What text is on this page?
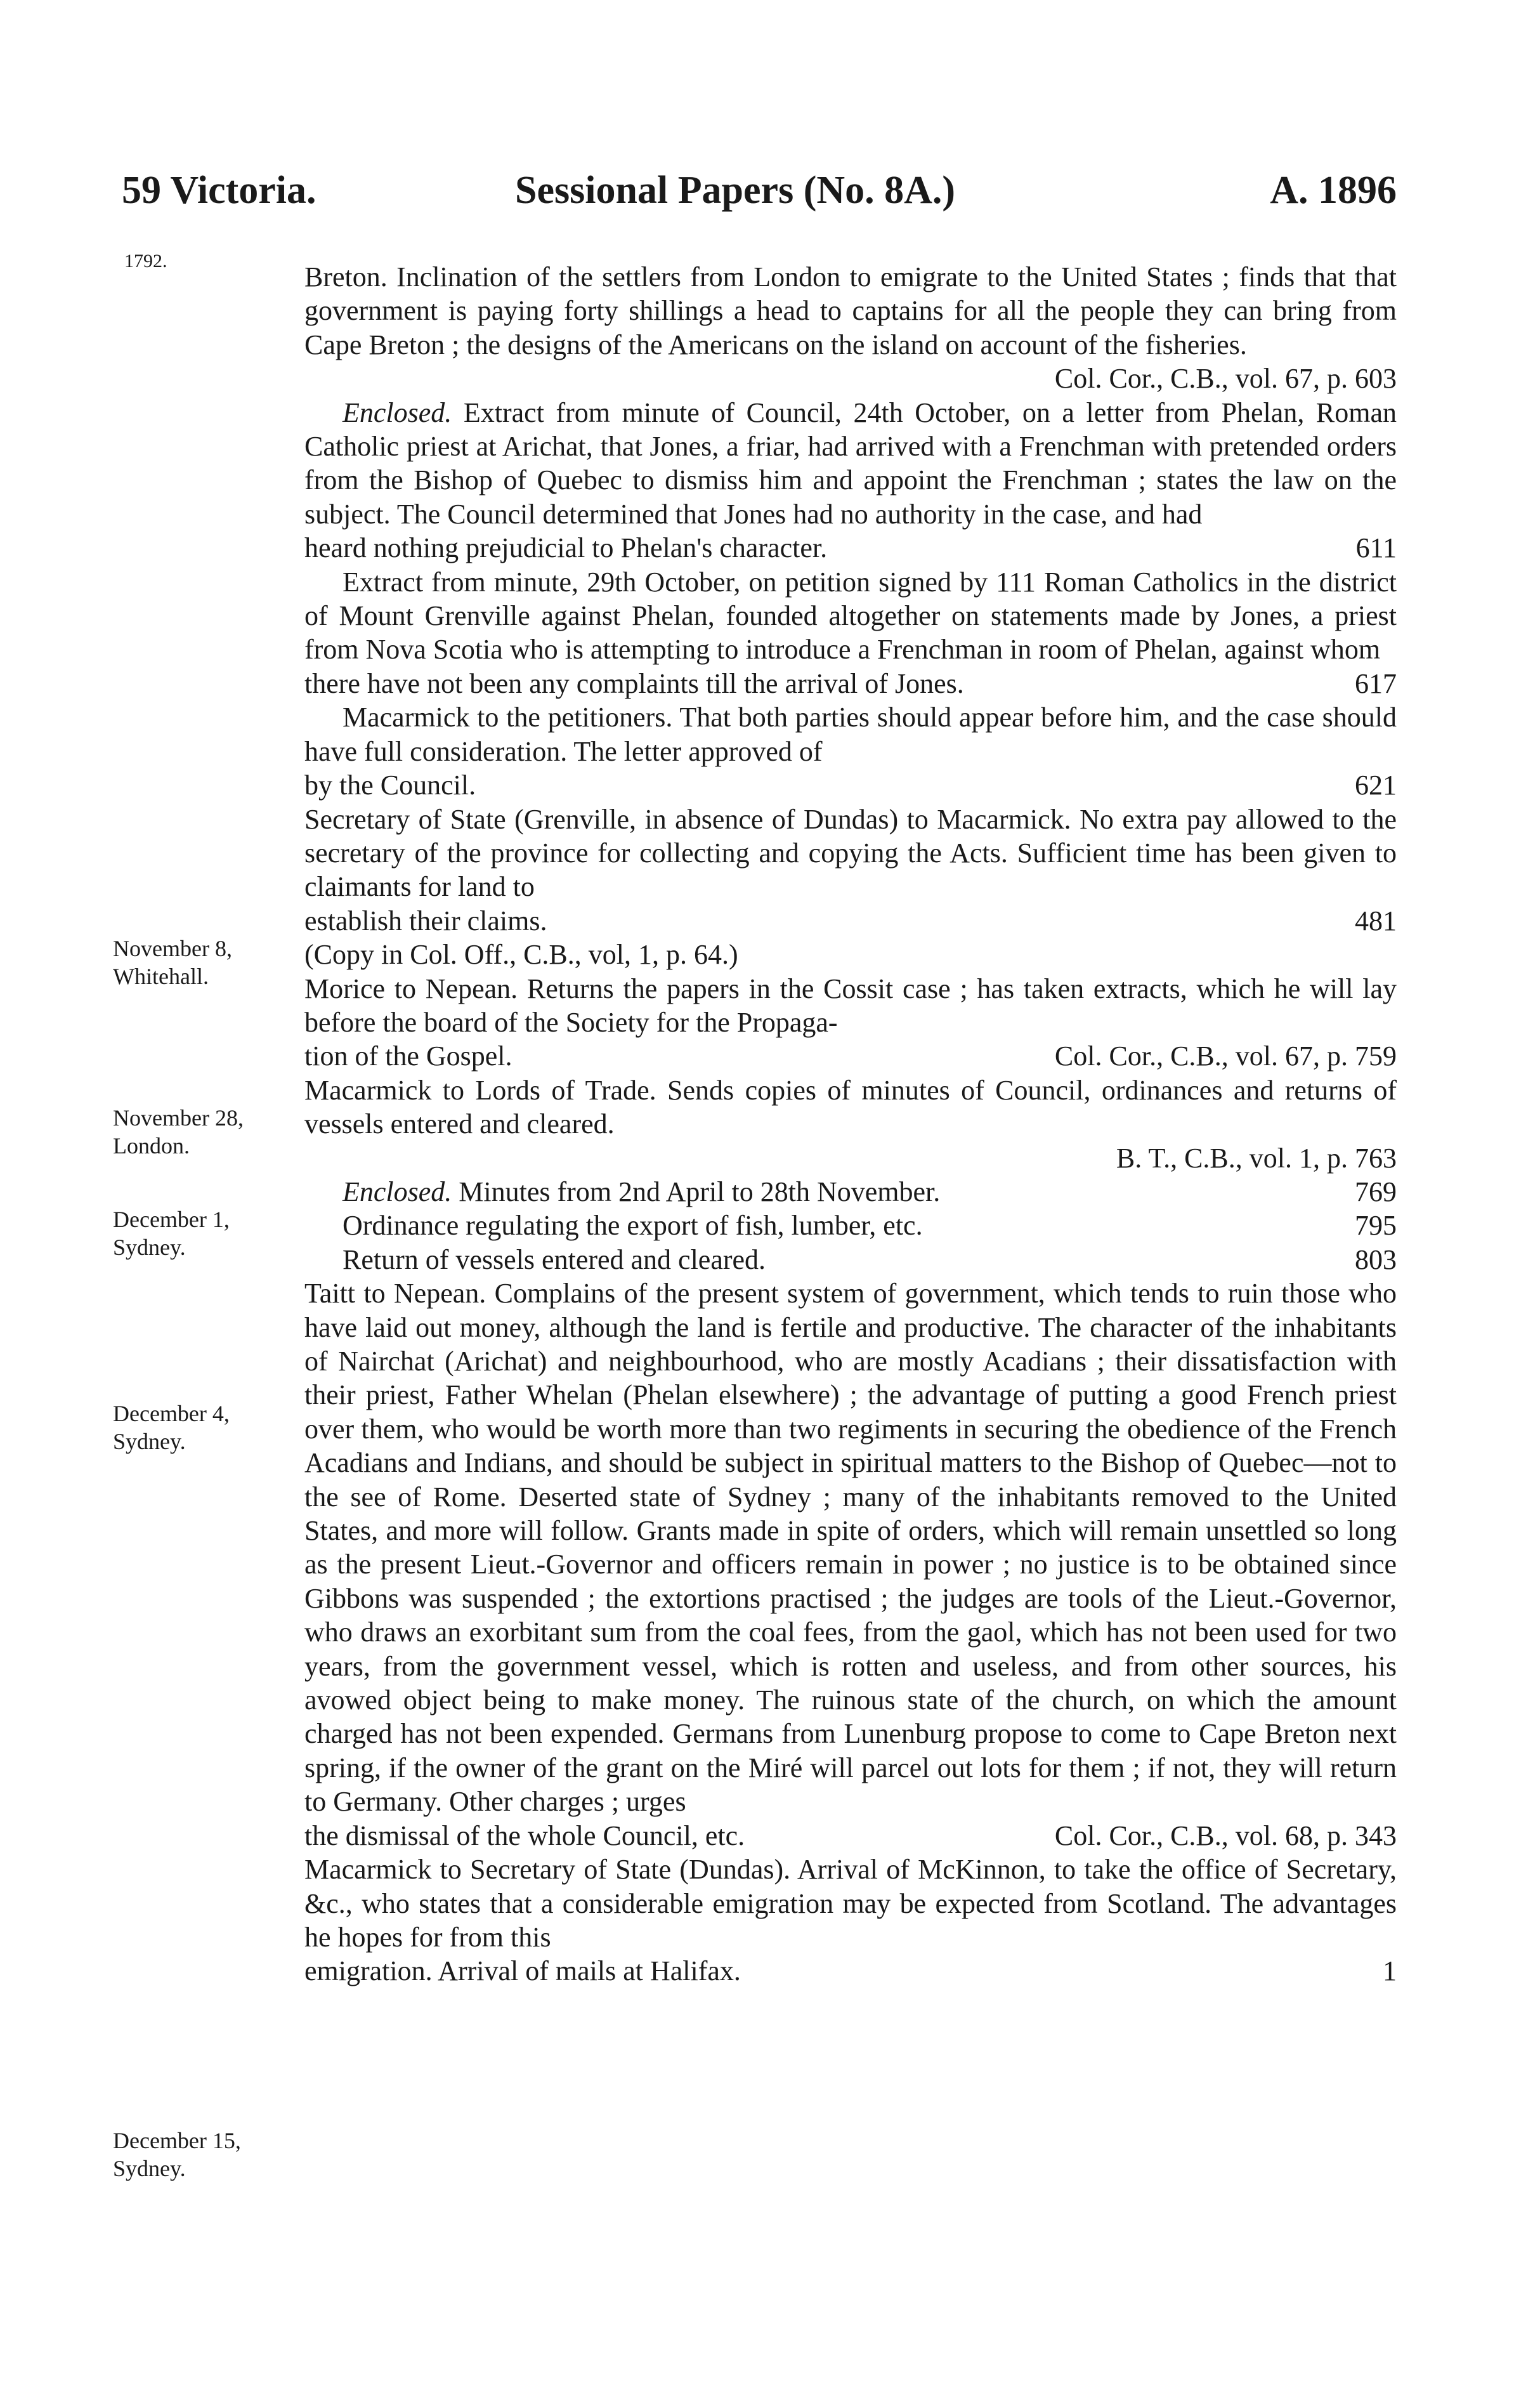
59 Victoria.	Sessional Papers (No. 8A.)	A. 1896
1792.
November 8,
Whitehall.
November 28,
London.
December 1,
Sydney.
December 4,
Sydney.
December 15,
Sydney.

Breton. Inclination of the settlers from London to emigrate to the United States ; finds that that government is paying forty shillings a head to captains for all the people they can bring from Cape Breton ; the designs of the Americans on the island on account of the fisheries.

Col. Cor., C.B., vol. 67, p. 603

Enclosed. Extract from minute of Council, 24th October, on a letter from Phelan, Roman Catholic priest at Arichat, that Jones, a friar, had arrived with a Frenchman with pretended orders from the Bishop of Quebec to dismiss him and appoint the Frenchman ; states the law on the subject. The Council determined that Jones had no authority in the case, and had

heard nothing prejudicial to Phelan's character.	611

Extract from minute, 29th October, on petition signed by 111 Roman Catholics in the district of Mount Grenville against Phelan, founded altogether on statements made by Jones, a priest from Nova Scotia who is attempting to introduce a Frenchman in room of Phelan, against whom

there have not been any complaints till the arrival of Jones.	617

Macarmick to the petitioners. That both parties should appear before him, and the case should have full consideration. The letter approved of

by the Council.	621

Secretary of State (Grenville, in absence of Dundas) to Macarmick. No extra pay allowed to the secretary of the province for collecting and copying the Acts. Sufficient time has been given to claimants for land to

establish their claims.	481

(Copy in Col. Off., C.B., vol, 1, p. 64.)

Morice to Nepean. Returns the papers in the Cossit case ; has taken extracts, which he will lay before the board of the Society for the Propaga-

tion of the Gospel.	Col. Cor., C.B., vol. 67, p. 759

Macarmick to Lords of Trade. Sends copies of minutes of Council, ordinances and returns of vessels entered and cleared.

B. T., C.B., vol. 1, p. 763

Enclosed. Minutes from 2nd April to 28th November.	769
Ordinance regulating the export of fish, lumber, etc.	795
Return of vessels entered and cleared.	803

Taitt to Nepean. Complains of the present system of government, which tends to ruin those who have laid out money, although the land is fertile and productive. The character of the inhabitants of Nairchat (Arichat) and neighbourhood, who are mostly Acadians ; their dissatisfaction with their priest, Father Whelan (Phelan elsewhere) ; the advantage of putting a good French priest over them, who would be worth more than two regiments in securing the obedience of the French Acadians and Indians, and should be subject in spiritual matters to the Bishop of Quebec—not to the see of Rome. Deserted state of Sydney ; many of the inhabitants removed to the United States, and more will follow. Grants made in spite of orders, which will remain unsettled so long as the present Lieut.-Governor and officers remain in power ; no justice is to be obtained since Gibbons was suspended ; the extortions practised ; the judges are tools of the Lieut.-Governor, who draws an exorbitant sum from the coal fees, from the gaol, which has not been used for two years, from the government vessel, which is rotten and useless, and from other sources, his avowed object being to make money. The ruinous state of the church, on which the amount charged has not been expended. Germans from Lunenburg propose to come to Cape Breton next spring, if the owner of the grant on the Miré will parcel out lots for them ; if not, they will return to Germany. Other charges ; urges

the dismissal of the whole Council, etc.	Col. Cor., C.B., vol. 68, p. 343

Macarmick to Secretary of State (Dundas). Arrival of McKinnon, to take the office of Secretary, &c., who states that a considerable emigration may be expected from Scotland. The advantages he hopes for from this

emigration. Arrival of mails at Halifax.	1
